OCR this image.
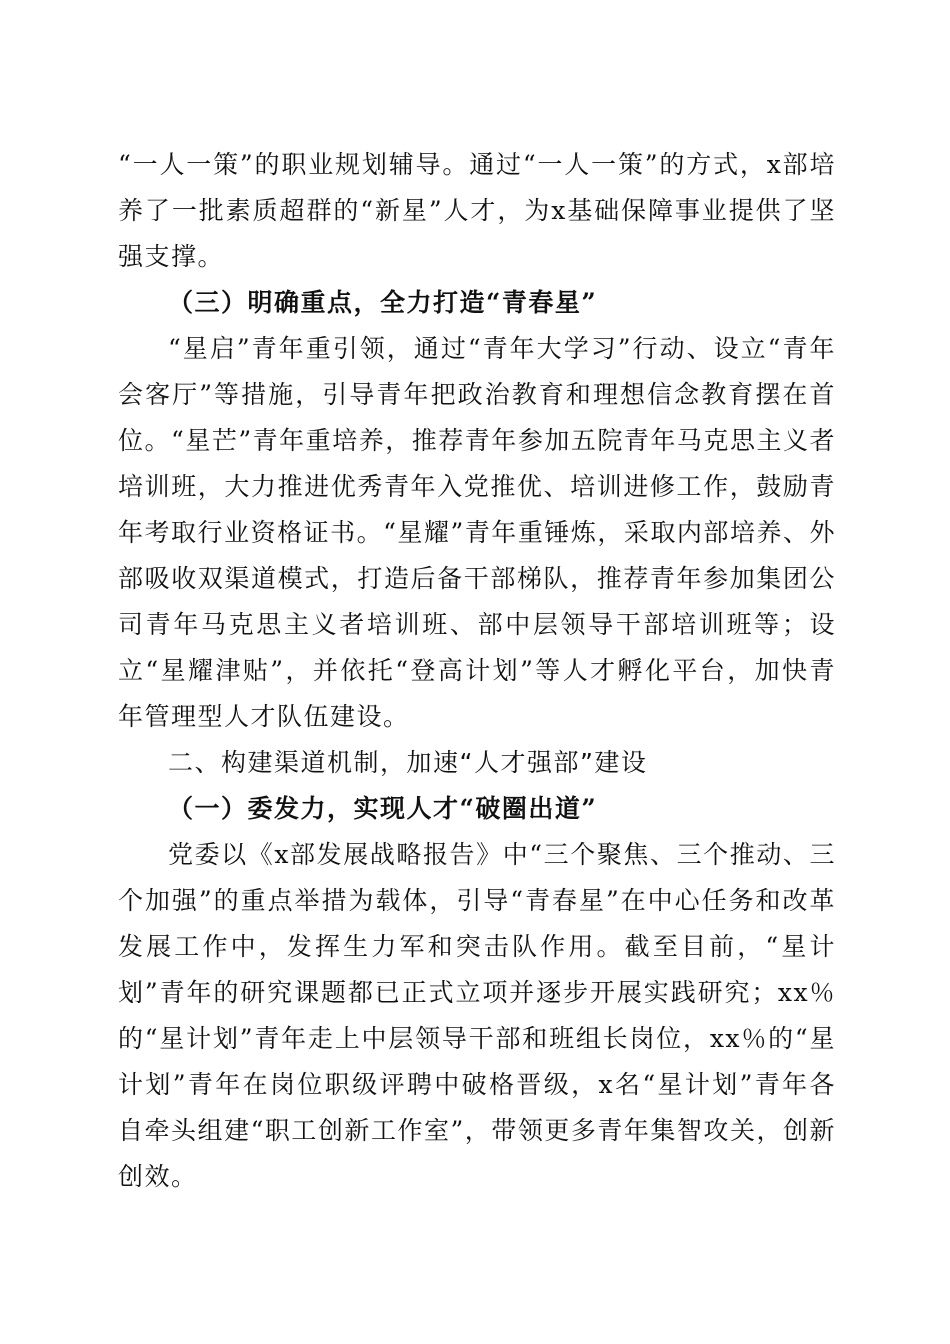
“一人一策”的职业规划辅导。通过“一人一策”的方式，x部培养了一批素质超群的“新星”人才，为x基础保障事业提供了坚强支撑。

（三）明确重点，全力打造“青春星”

“星启”青年重引领，通过“青年大学习”行动、设立“青年会客厅”等措施，引导青年把政治教育和理想信念教育摆在首位。“星芒”青年重培养，推荐青年参加五院青年马克思主义者培训班，大力推进优秀青年入党推优、培训进修工作，鼓励青年考取行业资格证书。“星耀”青年重锤炼，采取内部培养、外部吸收双渠道模式，打造后备干部梯队，推荐青年参加集团公司青年马克思主义者培训班、部中层领导干部培训班等；设立“星耀津贴”，并依托“登高计划”等人才孵化平台，加快青年管理型人才队伍建设。

二、构建渠道机制，加速“人才强部”建设

（一）委发力，实现人才“破圈出道”

党委以《x部发展战略报告》中“三个聚焦、三个推动、三个加强”的重点举措为载体，引导“青春星”在中心任务和改革发展工作中，发挥生力军和突击队作用。截至目前，“星计划”青年的研究课题都已正式立项并逐步开展实践研究；xx％的“星计划”青年走上中层领导干部和班组长岗位，xx％的“星计划”青年在岗位职级评聘中破格晋级，x名“星计划”青年各自牵头组建“职工创新工作室”，带领更多青年集智攻关，创新创效。
